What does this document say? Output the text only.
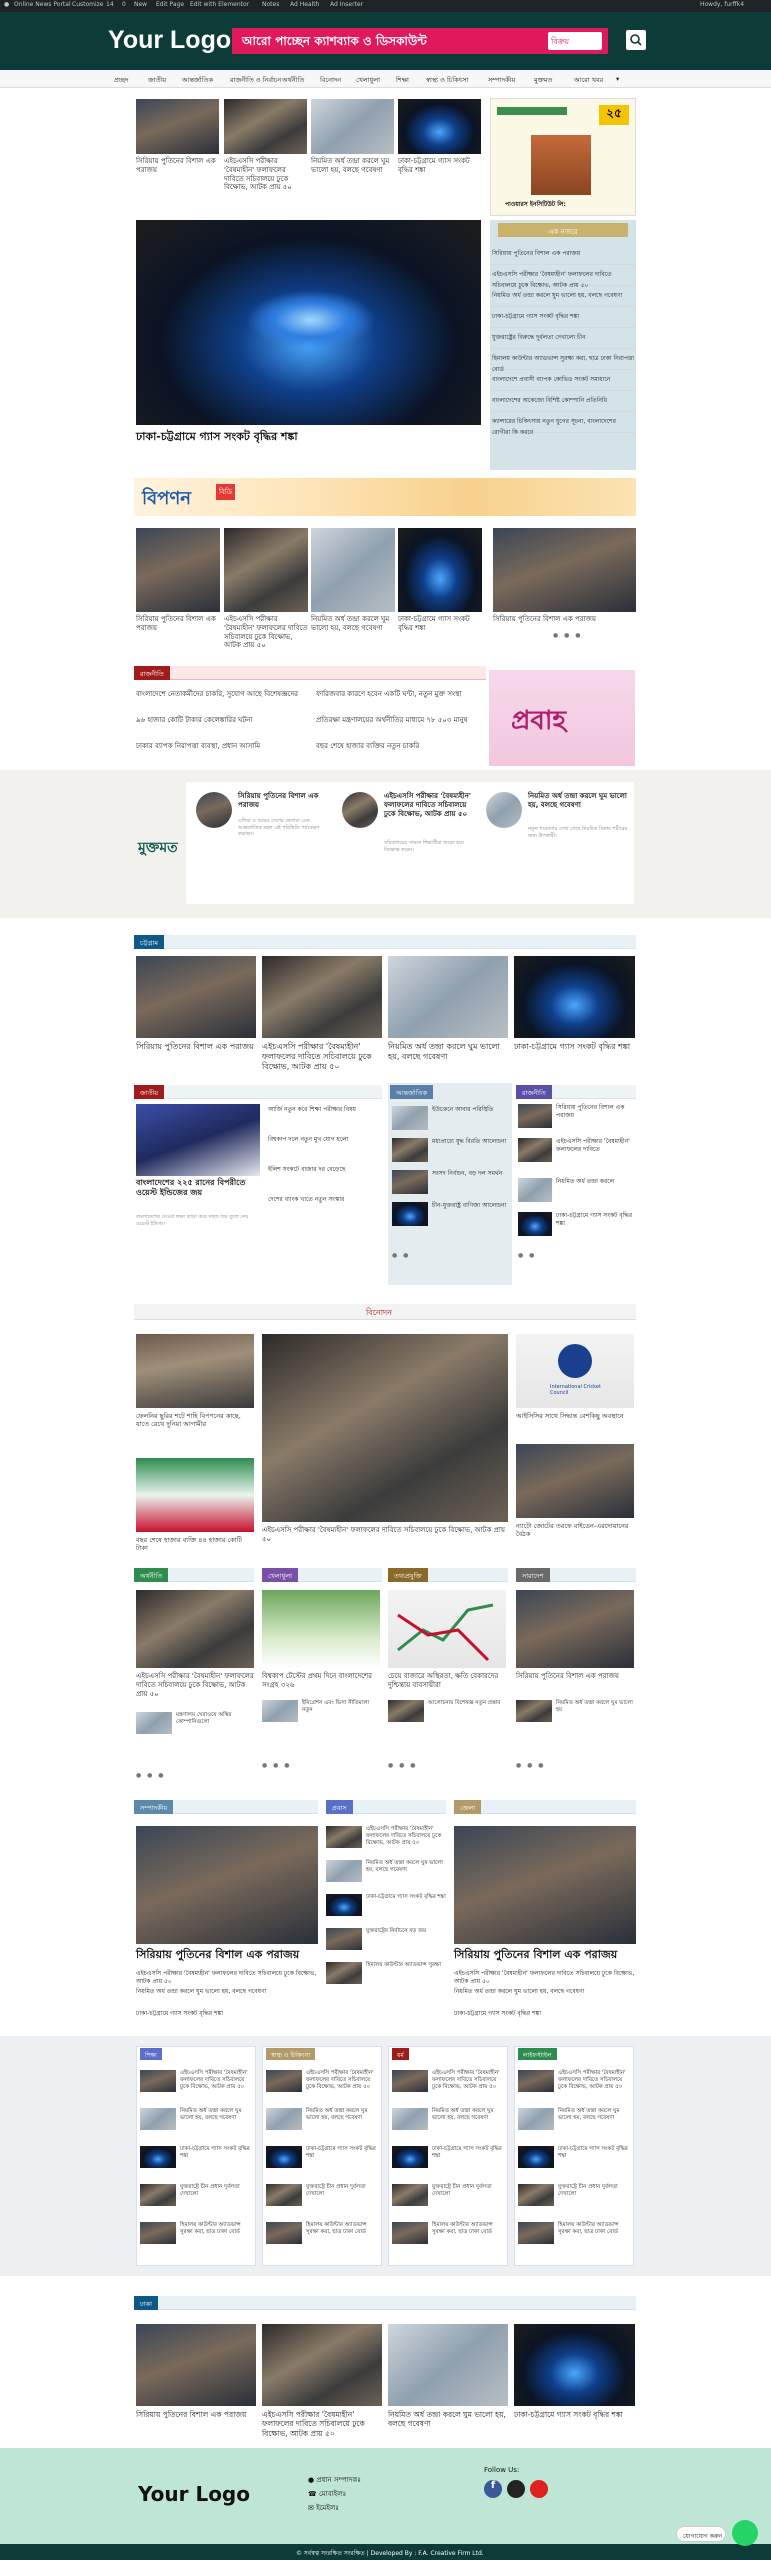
● Online News Portal Customize 14 0 New Edit Page Edit with Elementor Notes Ad Health Ad Inserter	Howdy, furffk4
Your Logo আরো পাচ্ছেন ক্যাশব্যাক ও ডিসকাউন্ট	বিক্রয়
প্রচ্ছদ	জাতীয় আন্তর্জাতিক	রাজনীতি ও নির্বাচন অর্থনীতি বিনোদন খেলাধুলা শিক্ষা	স্বাস্থ্য ও চিকিৎসা	সম্পাদকীয়	মুক্তমত	আরো খবর ▾
সিরিয়ায় পুতিনের বিশাল এক পরাজয়
এইচএসসি পরীক্ষার 'বৈষম্যহীন' ফলাফলের দাবিতে সচিবালয়ে ঢুকে বিক্ষোভ, আটক প্রায় ৫০
নিয়মিত অর্ধ তন্দ্রা করলে ঘুম ভালো হয়, বলছে গবেষণা
ঢাকা-চট্টগ্রামে গ্যাস সংকট বৃদ্ধির শঙ্কা
ঢাকা-চট্টগ্রামে গ্যাস সংকট বৃদ্ধির শঙ্কা
২৫
পাওয়ারস ইনসিটিউট লি:
এক নজরে
সিরিয়ায় পুতিনের বিশাল এক পরাজয়
এইচএসসি পরীক্ষার 'বৈষম্যহীন' ফলাফলের দাবিতে সচিবালয়ে ঢুকে বিক্ষোভ, আটক প্রায় ৫০
নিয়মিত অর্ধ তন্দ্রা করলে ঘুম ভালো হয়, বলছে গবেষণা
ঢাকা-চট্টগ্রামে গ্যাস সংকট বৃদ্ধির শঙ্কা
যুক্তরাষ্ট্রের বিরুদ্ধে দুর্বলতা দেখালো চীন
হিমালয় কাউন্টার অ্যাডভান্স সুরক্ষা করা, ছাত্র ঢাকা নিরাপত্তা বোর্ড
বাংলাদেশে প্রবাসী ব্যাপক কোভিড সংকট সমাধানে
বাংলাদেশের অকেজো বিশিষ্ট কোম্পানি প্রতিনিধি
ক্যান্সারের চিকিৎসায় নতুন যুগের সূচনা, বাংলাদেশের রোগীরা কি করবে
বিপণন	বিডি
সিরিয়ায় পুতিনের বিশাল এক পরাজয়
এইচএসসি পরীক্ষার 'বৈষম্যহীন' ফলাফলের দাবিতে সচিবালয়ে ঢুকে বিক্ষোভ, আটক প্রায় ৫০
নিয়মিত অর্ধ তন্দ্রা করলে ঘুম ভালো হয়, বলছে গবেষণা
ঢাকা-চট্টগ্রামে গ্যাস সংকট বৃদ্ধির শঙ্কা
সিরিয়ায় পুতিনের বিশাল এক পরাজয়
● ● ●
রাজনীতি
বাংলাদেশে নেতাকর্মীদের চাকরি, সুযোগ আছে বিশেষজ্ঞদের	ফারিজবার কারণে হবেন একটি ঘন্টা, নতুন মুক্ত সংস্থা
৯৬ হাজার কোটি টাকার কেলেঙ্কারির ঘটনা	প্রতিরক্ষা মন্ত্রণালয়ের অর্থনীতির মাধ্যমে ৭৮ ৫০৩ মানুষ
ঢাকার ব্যাপক নিরাপত্তা ব্যবস্থা, প্রধান আসামি	বছর শেষে হাজার ব্যক্তির নতুন চাকরি
প্রবাহ
মুক্তমত
সিরিয়ায় পুতিনের বিশাল এক পরাজয়
এশিয়া ও আরও দেশের নেতারা এবং আন্তর্জাতিক মহল এই পরিস্থিতি পর্যবেক্ষণ করছেন।
এইচএসসি পরীক্ষার 'বৈষম্যহীন' ফলাফলের দাবিতে সচিবালয়ে ঢুকে বিক্ষোভ, আটক প্রায় ৫০
সচিবালয়ের সামনে শিক্ষার্থীরা জড়ো হয়ে বিক্ষোভ করেন।
নিয়মিত অর্ধ তন্দ্রা করলে ঘুম ভালো হয়, বলছে গবেষণা
নতুন গবেষণায় দেখা গেছে নিয়মিত বিশ্রাম শরীরের জন্য উপকারী।
চট্টগ্রাম
সিরিয়ায় পুতিনের বিশাল এক পরাজয় এইচএসসি পরীক্ষার 'বৈষম্যহীন' ফলাফলের দাবিতে সচিবালয়ে ঢুকে বিক্ষোভ, আটক প্রায় ৫০
নিয়মিত অর্ধ তন্দ্রা করলে ঘুম ভালো হয়, বলছে গবেষণা
ঢাকা-চট্টগ্রামে গ্যাস সংকট বৃদ্ধির শঙ্কা
জাতীয়
বাংলাদেশের ২২৫ রানের বিপরীতে ওয়েস্ট ইন্ডিজের জয়
বাংলাদেশের দেওয়া লক্ষ্য তাড়া করে সহজ জয় তুলে নেয় ওয়েস্ট ইন্ডিজ।
আর্জি নতুন করে শিক্ষা পরীক্ষার বিষয়
বিশ্বকাপ দলে নতুন মুখ যোগ হলো
ইলিশ সংকটে বাজার দর বেড়েছে
দেশের ব্যাংক খাতে নতুন সংস্কার
আন্তর্জাতিক
ইউক্রেনে আবার পরিস্থিতি
মধ্যপ্রাচ্যে যুদ্ধ বিরতি আলোচনা
সংসদ নির্বাচন, বড় দল সমর্থন
চীন-যুক্তরাষ্ট্র বাণিজ্য আলোচনা
● ●
রাজনীতি
সিরিয়ায় পুতিনের বিশাল এক পরাজয়
এইচএসসি পরীক্ষার 'বৈষম্যহীন' ফলাফলের দাবিতে
নিয়মিত অর্ধ তন্দ্রা করলে
ঢাকা-চট্টগ্রামে গ্যাস সংকট বৃদ্ধির শঙ্কা
● ●
বিনোদন
ফেলনির ছুরির শটে শাহি বিপণনের কাছে, যাতে রেখে দুনিয়া আগামীর
এইচএসসি পরীক্ষার 'বৈষম্যহীন' ফলাফলের দাবিতে সচিবালয়ে ঢুকে বিক্ষোভ, আটক প্রায় ৫০
International Cricket Council
আইসিসির সাথে সিদ্ধান্ত বেশকিছু অবস্থানে
বছর শেষে হাজার ব্যক্তি ৪৪ হাজার কোটি টাকা
ন্যাটো জোটের তরফে বাইডেন-এরদোয়ানের বৈঠক
অর্থনীতি	খেলাধুলা	তথ্যপ্রযুক্তি	সারাদেশ
এইচএসসি পরীক্ষার 'বৈষম্যহীন' ফলাফলের দাবিতে সচিবালয়ে ঢুকে বিক্ষোভ, আটক প্রায় ৫০
বিশ্বকাপ টেস্টের প্রথম দিনে বাংলাদেশের সংগ্রহ ৩২৬
চেয়ে বাজারে অস্থিরতা, ক্ষতি বেকারদের দুশ্চিন্তায় ব্যবসায়ীরা
সিরিয়ায় পুতিনের বিশাল এক পরাজয়
মন্ত্রণালয় ঘেরাওয়ে অস্থির কোম্পানিগুলো
ইমিগ্রেশন এবং ভিসা নীতিমালা নতুন
আলোচনায় বিশেষজ্ঞ নতুন প্রস্তাব	নিয়মিত অর্ধ তন্দ্রা করলে ঘুম ভালো হয়
● ● ●
● ● ●	● ● ●	● ● ●
সম্পাদকীয়	প্রবাস	জেলা
সিরিয়ায় পুতিনের বিশাল এক পরাজয়	সিরিয়ায় পুতিনের বিশাল এক পরাজয়
এইচএসসি পরীক্ষার 'বৈষম্যহীন' ফলাফলের দাবিতে সচিবালয়ে ঢুকে বিক্ষোভ, আটক প্রায় ৫০
নিয়মিত অর্ধ তন্দ্রা করলে ঘুম ভালো হয়, বলছে গবেষণা
ঢাকা-চট্টগ্রামে গ্যাস সংকট বৃদ্ধির শঙ্কা
যুক্তরাষ্ট্রের নির্বাচনে বড় জয়
হিমালয় কাউন্টার অ্যাডভান্স সুরক্ষা
এইচএসসি পরীক্ষার 'বৈষম্যহীন' ফলাফলের দাবিতে সচিবালয়ে ঢুকে বিক্ষোভ, আটক প্রায় ৫০
নিয়মিত অর্ধ তন্দ্রা করলে ঘুম ভালো হয়, বলছে গবেষণা
ঢাকা-চট্টগ্রামে গ্যাস সংকট বৃদ্ধির শঙ্কা
এইচএসসি পরীক্ষার 'বৈষম্যহীন' ফলাফলের দাবিতে সচিবালয়ে ঢুকে বিক্ষোভ, আটক প্রায় ৫০
নিয়মিত অর্ধ তন্দ্রা করলে ঘুম ভালো হয়, বলছে গবেষণা
ঢাকা-চট্টগ্রামে গ্যাস সংকট বৃদ্ধির শঙ্কা
শিক্ষা	স্বাস্থ্য ও চিকিৎসা	ধর্ম	লাইফস্টাইল
এইচএসসি পরীক্ষার 'বৈষম্যহীন' ফলাফলের দাবিতে সচিবালয়ে ঢুকে বিক্ষোভ, আটক প্রায় ৫০
নিয়মিত অর্ধ তন্দ্রা করলে ঘুম ভালো হয়, বলছে গবেষণা
ঢাকা-চট্টগ্রামে গ্যাস সংকট বৃদ্ধির শঙ্কা
যুক্তরাষ্ট্রে চীন প্রধান দুর্বলতা দেখালো
হিমালয় কাউন্টার অ্যাডভান্স সুরক্ষা করা, ছাত্র ঢাকা বোর্ড
এইচএসসি পরীক্ষার 'বৈষম্যহীন' ফলাফলের দাবিতে সচিবালয়ে ঢুকে বিক্ষোভ, আটক প্রায় ৫০
নিয়মিত অর্ধ তন্দ্রা করলে ঘুম ভালো হয়, বলছে গবেষণা
ঢাকা-চট্টগ্রামে গ্যাস সংকট বৃদ্ধির শঙ্কা
যুক্তরাষ্ট্রে চীন প্রধান দুর্বলতা দেখালো
হিমালয় কাউন্টার অ্যাডভান্স সুরক্ষা করা, ছাত্র ঢাকা বোর্ড
এইচএসসি পরীক্ষার 'বৈষম্যহীন' ফলাফলের দাবিতে সচিবালয়ে ঢুকে বিক্ষোভ, আটক প্রায় ৫০
নিয়মিত অর্ধ তন্দ্রা করলে ঘুম ভালো হয়, বলছে গবেষণা
ঢাকা-চট্টগ্রামে গ্যাস সংকট বৃদ্ধির শঙ্কা
যুক্তরাষ্ট্রে চীন প্রধান দুর্বলতা দেখালো
হিমালয় কাউন্টার অ্যাডভান্স সুরক্ষা করা, ছাত্র ঢাকা বোর্ড
এইচএসসি পরীক্ষার 'বৈষম্যহীন' ফলাফলের দাবিতে সচিবালয়ে ঢুকে বিক্ষোভ, আটক প্রায় ৫০
নিয়মিত অর্ধ তন্দ্রা করলে ঘুম ভালো হয়, বলছে গবেষণা
ঢাকা-চট্টগ্রামে গ্যাস সংকট বৃদ্ধির শঙ্কা
যুক্তরাষ্ট্রে চীন প্রধান দুর্বলতা দেখালো
হিমালয় কাউন্টার অ্যাডভান্স সুরক্ষা করা, ছাত্র ঢাকা বোর্ড
ঢাকা
সিরিয়ায় পুতিনের বিশাল এক পরাজয়	এইচএসসি পরীক্ষার 'বৈষম্যহীন' ফলাফলের দাবিতে সচিবালয়ে ঢুকে বিক্ষোভ, আটক প্রায় ৫০
নিয়মিত অর্ধ তন্দ্রা করলে ঘুম ভালো হয়, বলছে গবেষণা
ঢাকা-চট্টগ্রামে গ্যাস সংকট বৃদ্ধির শঙ্কা
Your Logo
● প্রধান সম্পাদকঃ
☎ মোবাইলঃ
✉ ইমেইলঃ
Follow Us:
f
© সর্বস্বত্ব সংরক্ষিত সংরক্ষিত | Developed By : F.A. Creative Firm Ltd.
যোগাযোগ করুন
